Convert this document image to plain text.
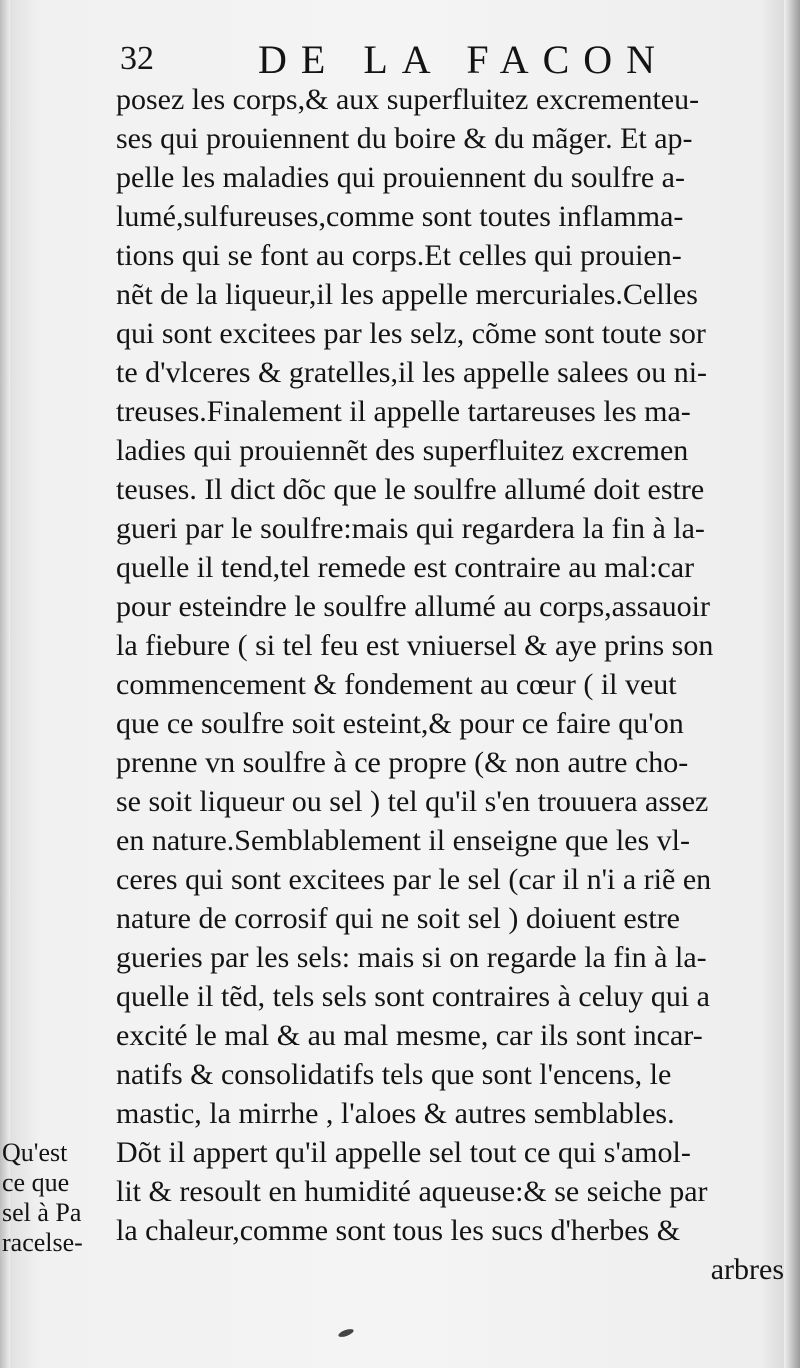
32	DE LA FACON
posez les corps,& aux superfluitez excrementeu-
ses qui prouiennent du boire & du mãger. Et ap-
pelle les maladies qui prouiennent du soulfre a-
lumé,sulfureuses,comme sont toutes inflamma-
tions qui se font au corps.Et celles qui prouien-
nẽt de la liqueur,il les appelle mercuriales.Celles
qui sont excitees par les selz, cõme sont toute sor
te d'vlceres & gratelles,il les appelle salees ou ni-
treuses.Finalement il appelle tartareuses les ma-
ladies qui prouiennẽt des superfluitez excremen
teuses. Il dict dõc que le soulfre allumé doit estre
gueri par le soulfre:mais qui regardera la fin à la-
quelle il tend,tel remede est contraire au mal:car
pour esteindre le soulfre allumé au corps,assauoir
la fiebure ( si tel feu est vniuersel & aye prins son
commencement & fondement au cœur ( il veut
que ce soulfre soit esteint,& pour ce faire qu'on
prenne vn soulfre à ce propre (& non autre cho-
se soit liqueur ou sel ) tel qu'il s'en trouuera assez
en nature.Semblablement il enseigne que les vl-
ceres qui sont excitees par le sel (car il n'i a riẽ en
nature de corrosif qui ne soit sel ) doiuent estre
gueries par les sels: mais si on regarde la fin à la-
quelle il tẽd, tels sels sont contraires à celuy qui a
excité le mal & au mal mesme, car ils sont incar-
natifs & consolidatifs tels que sont l'encens, le
mastic, la mirrhe , l'aloes & autres semblables.
Dõt il appert qu'il appelle sel tout ce qui s'amol-
lit & resoult en humidité aqueuse:& se seiche par
la chaleur,comme sont tous les sucs d'herbes &
arbres
Qu'est
ce que
sel à Pa
racelse-
